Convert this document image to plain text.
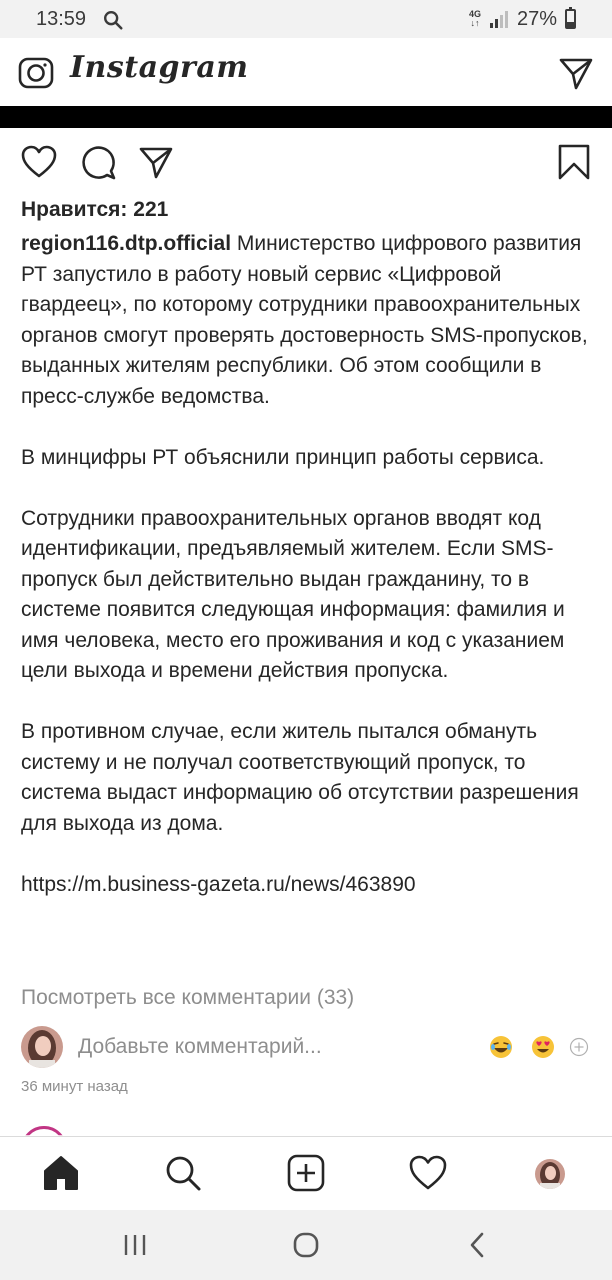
13:59	4G
↓↑ 27%
Instagram
Нравится: 221

region116.dtp.official Министерство цифрового развития РТ запустило в работу новый сервис «Цифровой гвардеец», по которому сотрудники правоохранительных органов смогут проверять достоверность SMS-пропусков, выданных жителям республики. Об этом сообщили в пресс-службе ведомства.

В минцифры РТ объяснили принцип работы сервиса.

Сотрудники правоохранительных органов вводят код идентификации, предъявляемый жителем. Если SMS-пропуск был действительно выдан гражданину, то в системе появится следующая информация: фамилия и имя человека, место его проживания и код с указанием цели выхода и времени действия пропуска.

В противном случае, если житель пытался обмануть систему и не получал соответствующий пропуск, то система выдаст информацию об отсутствии разрешения для выхода из дома.

https://m.business-gazeta.ru/news/463890

Посмотреть все комментарии (33)
Добавьте комментарий...
36 минут назад
